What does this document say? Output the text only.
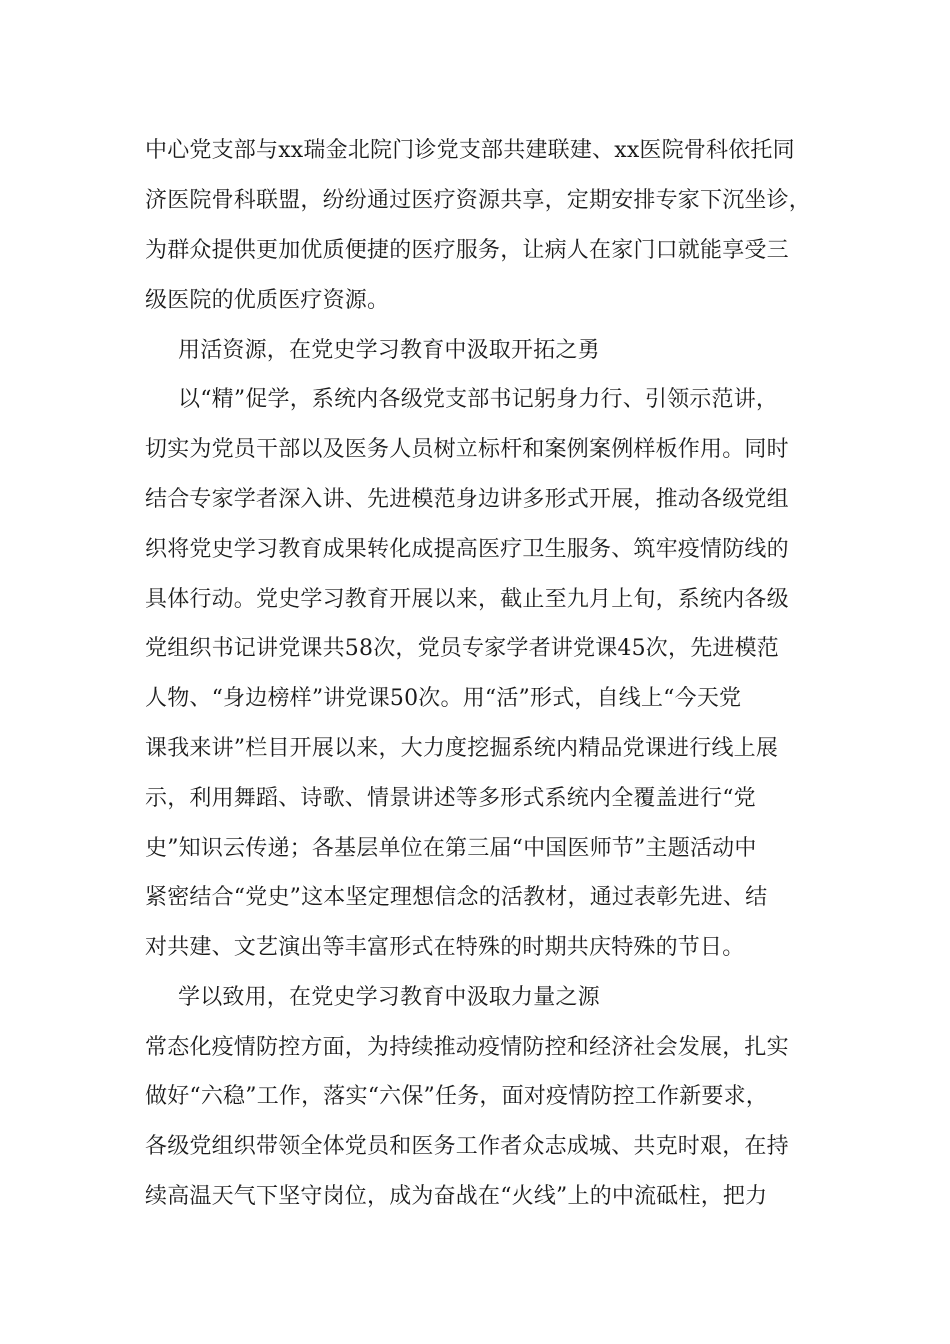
中心党支部与xx瑞金北院门诊党支部共建联建、xx医院骨科依托同
济医院骨科联盟，纷纷通过医疗资源共享，定期安排专家下沉坐诊，
为群众提供更加优质便捷的医疗服务，让病人在家门口就能享受三
级医院的优质医疗资源。
用活资源，在党史学习教育中汲取开拓之勇
以“精”促学，系统内各级党支部书记躬身力行、引领示范讲，
切实为党员干部以及医务人员树立标杆和案例案例样板作用。同时
结合专家学者深入讲、先进模范身边讲多形式开展，推动各级党组
织将党史学习教育成果转化成提高医疗卫生服务、筑牢疫情防线的
具体行动。党史学习教育开展以来，截止至九月上旬，系统内各级
党组织书记讲党课共58次，党员专家学者讲党课45次，先进模范
人物、“身边榜样”讲党课50次。用“活”形式，自线上“今天党
课我来讲”栏目开展以来，大力度挖掘系统内精品党课进行线上展
示，利用舞蹈、诗歌、情景讲述等多形式系统内全覆盖进行“党
史”知识云传递；各基层单位在第三届“中国医师节”主题活动中
紧密结合“党史”这本坚定理想信念的活教材，通过表彰先进、结
对共建、文艺演出等丰富形式在特殊的时期共庆特殊的节日。
学以致用，在党史学习教育中汲取力量之源
常态化疫情防控方面，为持续推动疫情防控和经济社会发展，扎实
做好“六稳”工作，落实“六保”任务，面对疫情防控工作新要求，
各级党组织带领全体党员和医务工作者众志成城、共克时艰，在持
续高温天气下坚守岗位，成为奋战在“火线”上的中流砥柱，把力
